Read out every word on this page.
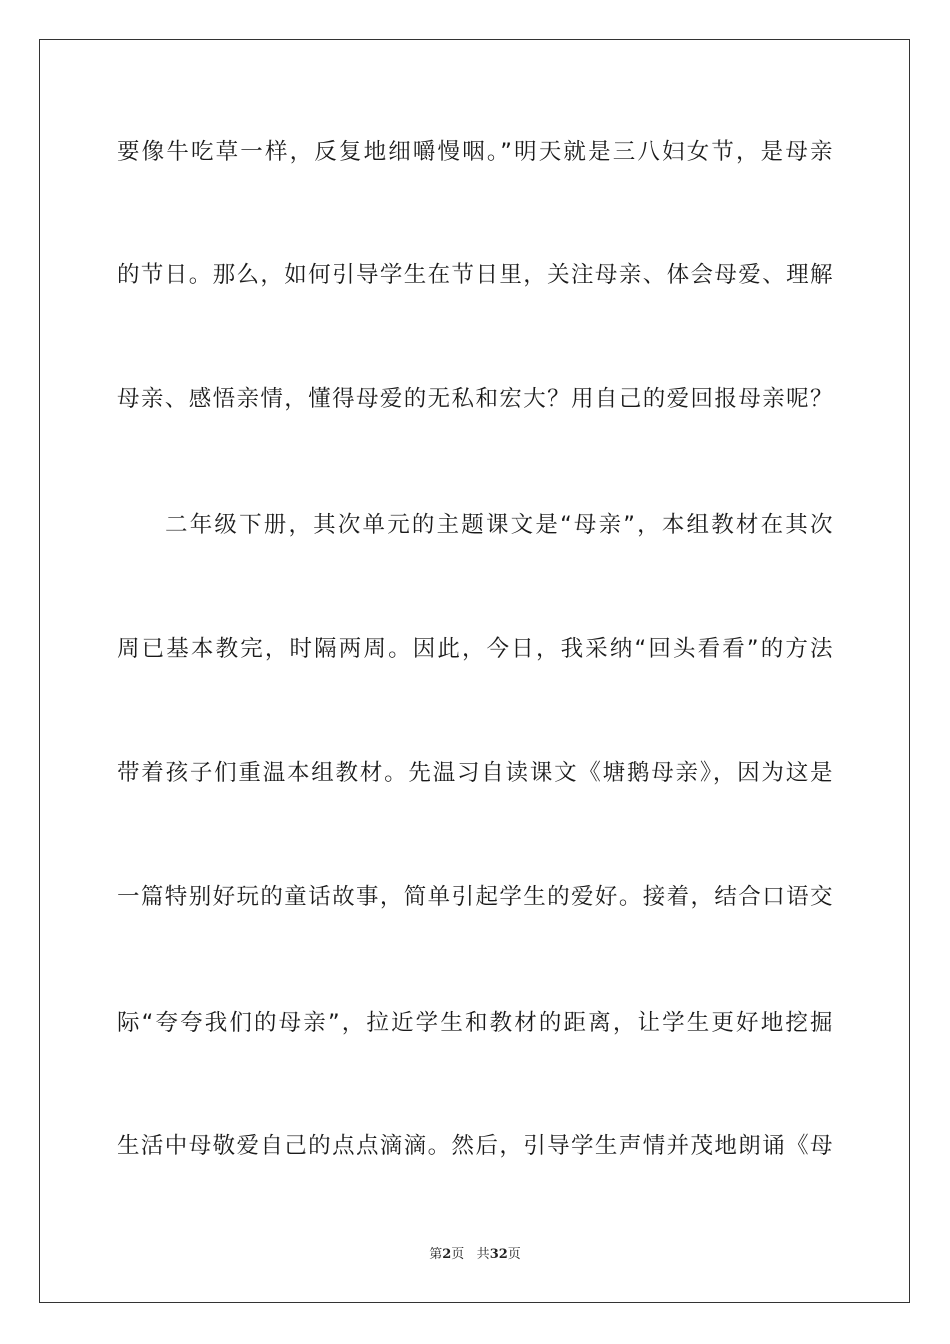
要像牛吃草一样，反复地细嚼慢咽。”明天就是三八妇女节，是母亲
的节日。那么，如何引导学生在节日里，关注母亲、体会母爱、理解
母亲、感悟亲情，懂得母爱的无私和宏大？用自己的爱回报母亲呢？
二年级下册，其次单元的主题课文是“母亲”，本组教材在其次
周已基本教完，时隔两周。因此，今日，我采纳“回头看看”的方法
带着孩子们重温本组教材。先温习自读课文《塘鹅母亲》，因为这是
一篇特别好玩的童话故事，简单引起学生的爱好。接着，结合口语交
际“夸夸我们的母亲”，拉近学生和教材的距离，让学生更好地挖掘
生活中母敬爱自己的点点滴滴。然后，引导学生声情并茂地朗诵《母
第2页 共32页
